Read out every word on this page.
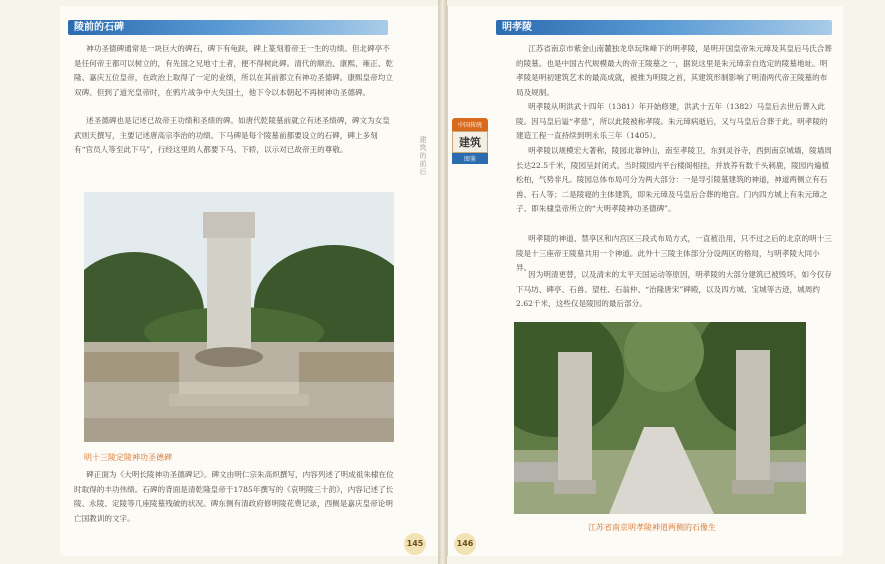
陵前的石碑

神功圣德碑通常是一块巨大的碑石，碑下有龟趺，碑上篆刻着帝王一生的功绩。但北碑亭不是任何帝王都可以树立的，有先国之兄地寸土者，便不得树此碑。清代的顺治、康熙、雍正、乾隆、嘉庆五位皇帝，在政治上取得了一定的业绩，所以在其前都立有神功圣德碑。康熙皇帝均立双碑。但到了道光皇帝时，在鸦片战争中大失国土，他下令以本朝起不再树神功圣德碑。

述圣德碑也是记述已故帝王功绩和圣绩的碑。如唐代乾陵墓前就立有述圣绩碑，碑文为女皇武则天撰写，主要记述唐高宗李治的功绩。下马碑是每个陵墓前都要设立的石碑，碑上多刻有“官员人等至此下马”，行经这里的人都要下马、下轿，以示对已故帝王的尊敬。

明十三陵定陵神功圣德碑

碑正面为《大明长陵神功圣德碑记》。碑文由明仁宗朱高炽撰写，内容列述了明成祖朱棣在位时取得的丰功伟绩。石碑的背面是清乾隆皇帝于1785年撰写的《哀明陵三十韵》，内容记述了长陵、永陵、定陵等几座陵墓残破的状况。碑东侧有清政府修明陵花费记录，西侧是嘉庆皇帝论明亡国教训的文字。

145
建筑的前后
明孝陵

江苏省南京市紫金山南麓独龙阜玩珠峰下的明孝陵，是明开国皇帝朱元璋及其皇后马氏合葬的陵墓。也是中国古代规模最大的帝王陵墓之一，据说这里是朱元璋亲自选定的陵墓地址。明孝陵是明初建筑艺术的最高成就，被推为明陵之首，其建筑形制影响了明清两代帝王陵墓的布局及规制。

明孝陵从明洪武十四年（1381）年开始修建，洪武十五年（1382）马皇后去世后葬入此陵。因马皇后谥“孝慈”，所以此陵被称孝陵。朱元璋病逝后，又与马皇后合葬于此。明孝陵的建造工程一直持续到明永乐三年（1405）。

明孝陵以规模宏大著称，陵园北靠钟山，南至孝陵卫，东到灵谷寺，西到南京城墙，陵墙周长达22.5千米，陵园呈封闭式。当时陵园内平台楼阁相挂，并放养有数千头刺鹿，陵园内遍植松柏，气势非凡。陵园总体布局可分为两大部分：一是导引陵墓建筑的神道，神道两侧立有石兽、石人等；二是陵寝的主体建筑，即朱元璋及马皇后合葬的地宫。门内四方城上有朱元璋之子、即朱棣皇帝所立的“大明孝陵神功圣德碑”。

明孝陵的神道、禁享区和内宫区三段式布局方式，一直被沿用，只不过之后的北京的明十三陵是十三座帝王陵墓共用一个神道。此外十三陵主体部分分设两区的格局，与明孝陵大同小异。

因为明清更替，以及清末的太平天国运动等原因，明孝陵的大部分建筑已被毁坏，如今仅存下马坊、碑亭、石兽、望柱、石翁仲、“治隆唐宋”碑殿，以及四方城、宝城等古迹，城周约2.62千米，这些仅是陵园的最后部分。

江苏省南京明孝陵神道两侧的石像生
146
中国传统
建筑
图鉴
